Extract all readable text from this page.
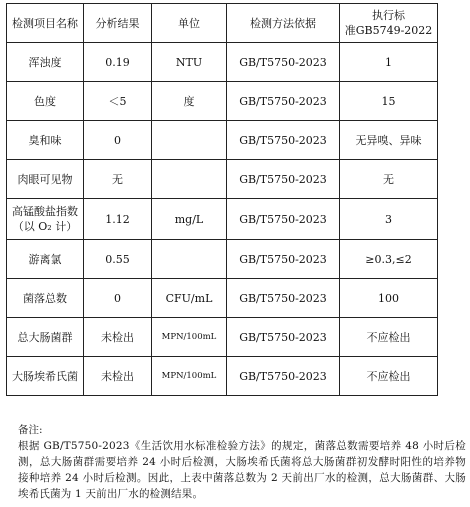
检测项目名称	分析结果	单位	检测方法依据	执行标
准GB5749-2022

浑浊度	0.19	NTU	GB/T5750-2023	1
色度	＜5	度	GB/T5750-2023	15
臭和味	0		GB/T5750-2023	无异嗅、异味
肉眼可见物	无		GB/T5750-2023	无

高锰酸盐指数
（以 O₂ 计）	1.12	mg/L	GB/T5750-2023	3
游离氯	0.55		GB/T5750-2023	≥0.3,≤2
菌落总数	0	CFU/mL	GB/T5750-2023	100
总大肠菌群	未检出	MPN/100mL	GB/T5750-2023	不应检出
大肠埃希氏菌	未检出	MPN/100mL	GB/T5750-2023	不应检出

备注:

根据 GB/T5750-2023《生活饮用水标准检验方法》的规定，菌落总数需要培养 48 小时后检测，总大肠菌群需要培养 24 小时后检测，大肠埃希氏菌将总大肠菌群初发酵时阳性的培养物接种培养 24 小时后检测。因此，上表中菌落总数为 2 天前出厂水的检测，总大肠菌群、大肠埃希氏菌为 1 天前出厂水的检测结果。
